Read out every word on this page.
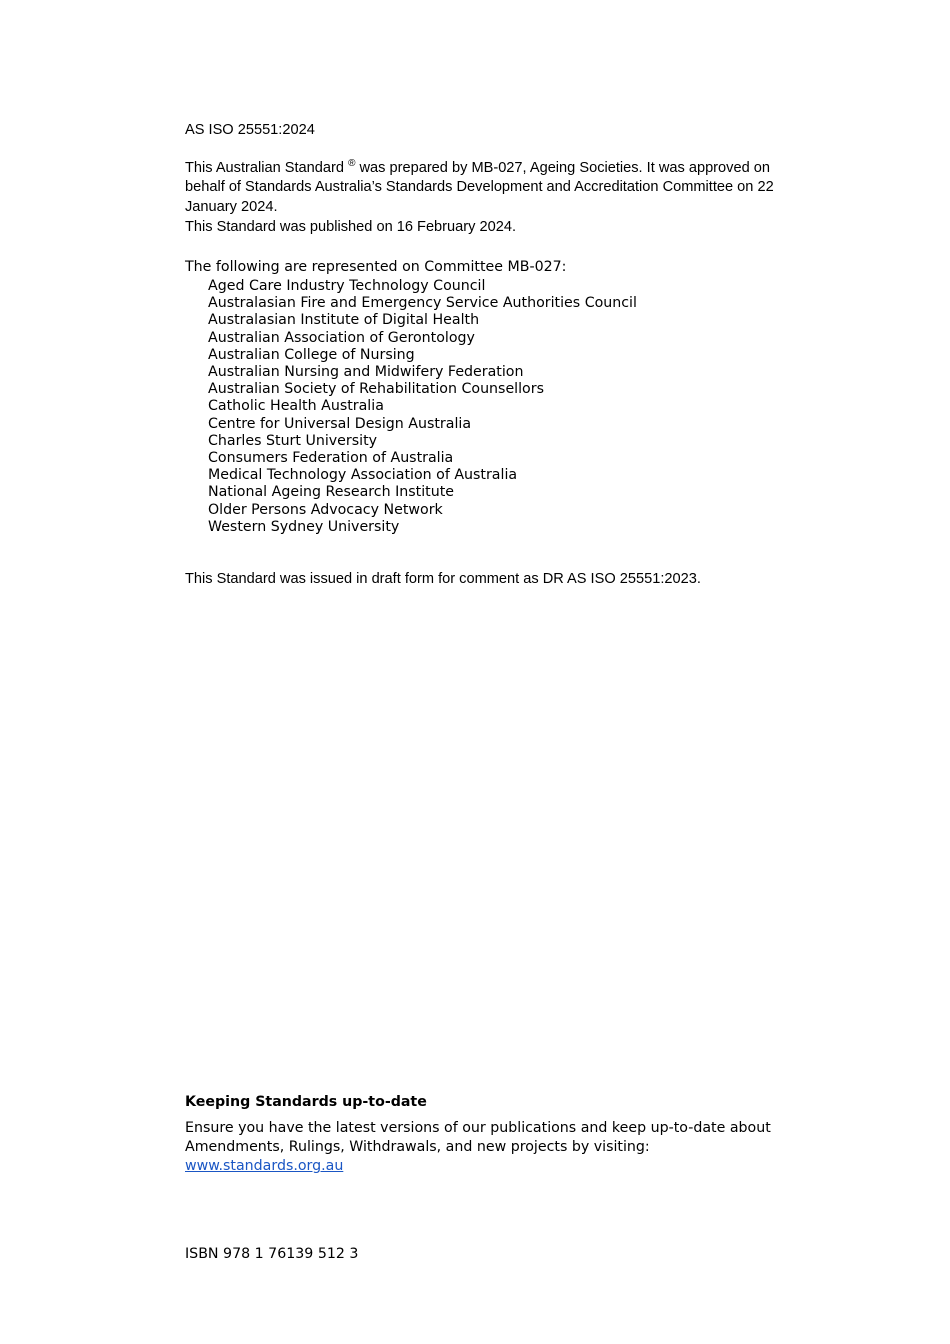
AS ISO 25551:2024
This Australian Standard ® was prepared by MB-027, Ageing Societies. It was approved on behalf of Standards Australia’s Standards Development and Accreditation Committee on 22 January 2024.
This Standard was published on 16 February 2024.
The following are represented on Committee MB-027:
Aged Care Industry Technology Council
Australasian Fire and Emergency Service Authorities Council
Australasian Institute of Digital Health
Australian Association of Gerontology
Australian College of Nursing
Australian Nursing and Midwifery Federation
Australian Society of Rehabilitation Counsellors
Catholic Health Australia
Centre for Universal Design Australia
Charles Sturt University
Consumers Federation of Australia
Medical Technology Association of Australia
National Ageing Research Institute
Older Persons Advocacy Network
Western Sydney University
This Standard was issued in draft form for comment as DR AS ISO 25551:2023.
Keeping Standards up-to-date
Ensure you have the latest versions of our publications and keep up-to-date about Amendments, Rulings, Withdrawals, and new projects by visiting:
www.standards.org.au
ISBN 978 1 76139 512 3
